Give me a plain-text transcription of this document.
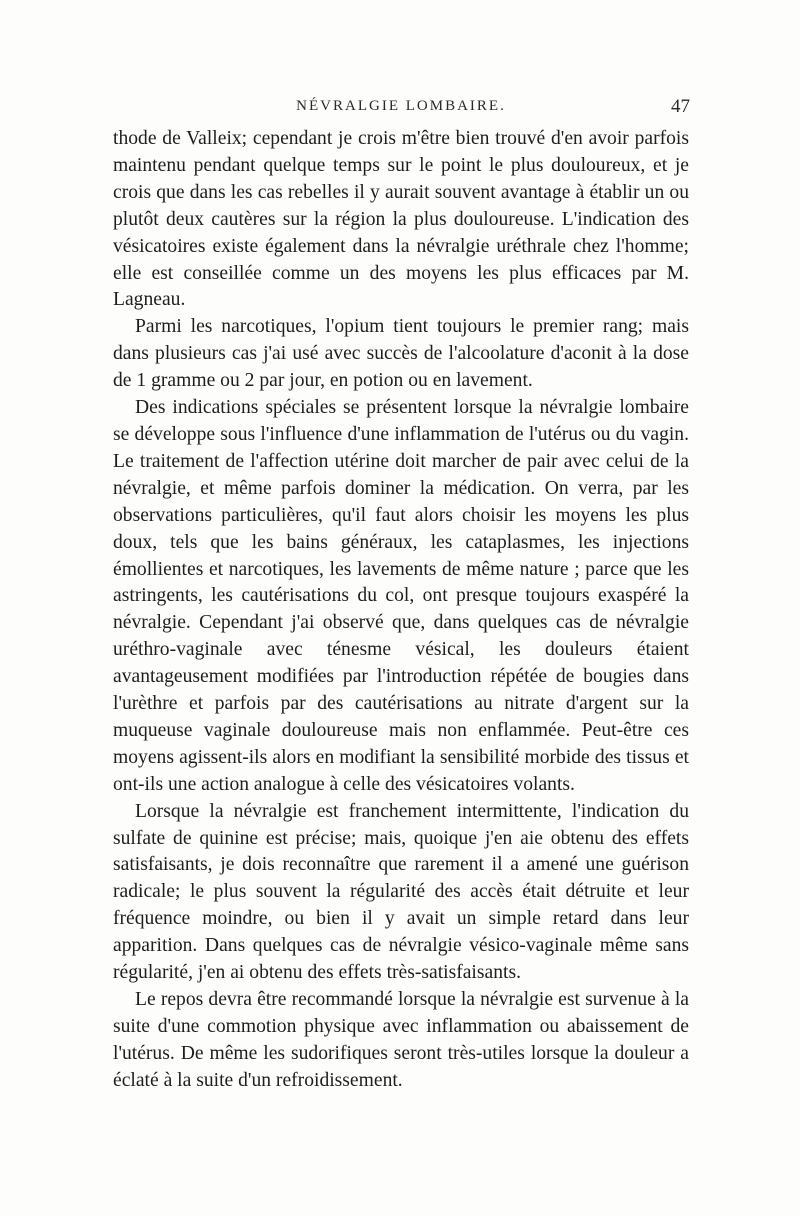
NÉVRALGIE LOMBAIRE.	47

thode de Valleix; cependant je crois m'être bien trouvé d'en avoir parfois maintenu pendant quelque temps sur le point le plus douloureux, et je crois que dans les cas rebelles il y aurait souvent avantage à établir un ou plutôt deux cautères sur la région la plus douloureuse. L'indication des vésicatoires existe également dans la névralgie uréthrale chez l'homme; elle est conseillée comme un des moyens les plus efficaces par M. Lagneau.

Parmi les narcotiques, l'opium tient toujours le premier rang; mais dans plusieurs cas j'ai usé avec succès de l'alcoolature d'aconit à la dose de 1 gramme ou 2 par jour, en potion ou en lavement.

Des indications spéciales se présentent lorsque la névralgie lombaire se développe sous l'influence d'une inflammation de l'utérus ou du vagin. Le traitement de l'affection utérine doit marcher de pair avec celui de la névralgie, et même parfois dominer la médication. On verra, par les observations particulières, qu'il faut alors choisir les moyens les plus doux, tels que les bains généraux, les cataplasmes, les injections émollientes et narcotiques, les lavements de même nature ; parce que les astringents, les cautérisations du col, ont presque toujours exaspéré la névralgie. Cependant j'ai observé que, dans quelques cas de névralgie uréthro-vaginale avec ténesme vésical, les douleurs étaient avantageusement modifiées par l'introduction répétée de bougies dans l'urèthre et parfois par des cautérisations au nitrate d'argent sur la muqueuse vaginale douloureuse mais non enflammée. Peut-être ces moyens agissent-ils alors en modifiant la sensibilité morbide des tissus et ont-ils une action analogue à celle des vésicatoires volants.

Lorsque la névralgie est franchement intermittente, l'indication du sulfate de quinine est précise; mais, quoique j'en aie obtenu des effets satisfaisants, je dois reconnaître que rarement il a amené une guérison radicale; le plus souvent la régularité des accès était détruite et leur fréquence moindre, ou bien il y avait un simple retard dans leur apparition. Dans quelques cas de névralgie vésico-vaginale même sans régularité, j'en ai obtenu des effets très-satisfaisants.

Le repos devra être recommandé lorsque la névralgie est survenue à la suite d'une commotion physique avec inflammation ou abaissement de l'utérus. De même les sudorifiques seront très-utiles lorsque la douleur a éclaté à la suite d'un refroidissement.
